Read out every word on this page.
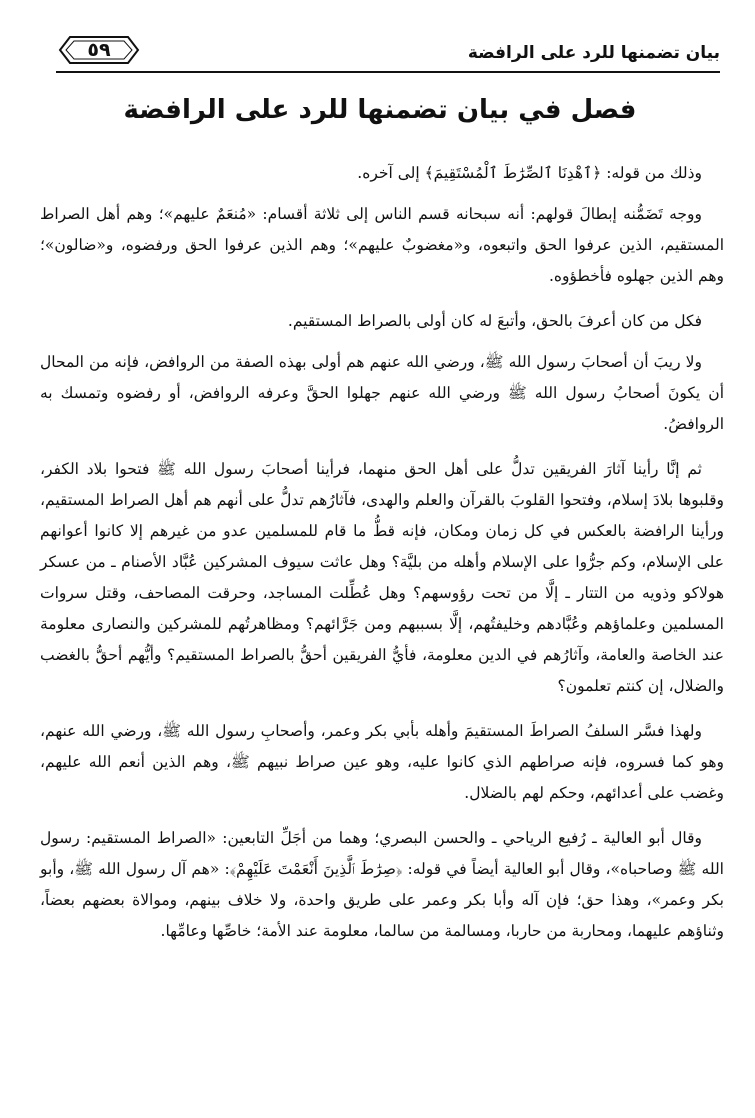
٥٩	بيان تضمنها للرد على الرافضة
فصل في بيان تضمنها للرد على الرافضة

وذلك من قوله: ﴿ٱهْدِنَا ٱلصِّرَٰطَ ٱلْمُسْتَقِيمَ﴾ إلى آخره.

ووجه تَضَمُّنه إبطالَ قولهم: أنه سبحانه قسم الناس إلى ثلاثة أقسام: «مُنعَمٌ عليهم»؛ وهم أهل الصراط المستقيم، الذين عرفوا الحق واتبعوه، و«مغضوبٌ عليهم»؛ وهم الذين عرفوا الحق ورفضوه، و«ضالون»؛ وهم الذين جهلوه فأخطؤوه.

فكل من كان أعرفَ بالحق، وأتبعَ له كان أولى بالصراط المستقيم.

ولا ريبَ أن أصحابَ رسول الله ﷺ، ورضي الله عنهم هم أولى بهذه الصفة من الروافض، فإنه من المحال أن يكونَ أصحابُ رسول الله ﷺ ورضي الله عنهم جهلوا الحقَّ وعرفه الروافض، أو رفضوه وتمسك به الروافضُ.

ثم إنَّا رأينا آثارَ الفريقين تدلُّ على أهل الحق منهما، فرأينا أصحابَ رسول الله ﷺ فتحوا بلاد الكفر، وقلبوها بلادَ إسلام، وفتحوا القلوبَ بالقرآن والعلم والهدى، فآثارُهم تدلُّ على أنهم هم أهل الصراط المستقيم، ورأينا الرافضة بالعكس في كل زمان ومكان، فإنه قطُّ ما قام للمسلمين عدو من غيرهم إلا كانوا أعوانهم على الإسلام، وكم جرُّوا على الإسلام وأهله من بليَّة؟ وهل عاثت سيوف المشركين عُبَّاد الأصنام ـ من عسكر هولاكو وذويه من التتار ـ إلَّا من تحت رؤوسهم؟ وهل عُطِّلت المساجد، وحرقت المصاحف، وقتل سروات المسلمين وعلماؤهم وعُبَّادهم وخليفتُهم، إلَّا بسببهم ومن جَرَّائهم؟ ومظاهرتُهم للمشركين والنصارى معلومة عند الخاصة والعامة، وآثارُهم في الدين معلومة، فأيُّ الفريقين أحقُّ بالصراط المستقيم؟ وأيُّهم أحقُّ بالغضب والضلال، إن كنتم تعلمون؟

ولهذا فسَّر السلفُ الصراطَ المستقيمَ وأهله بأبي بكر وعمر، وأصحابِ رسول الله ﷺ، ورضي الله عنهم، وهو كما فسروه، فإنه صراطهم الذي كانوا عليه، وهو عين صراط نبيهم ﷺ، وهم الذين أنعم الله عليهم، وغضب على أعدائهم، وحكم لهم بالضلال.

وقال أبو العالية ـ رُفيع الرياحي ـ والحسن البصري؛ وهما من أجَلِّ التابعين: «الصراط المستقيم: رسول الله ﷺ وصاحباه»، وقال أبو العالية أيضاً في قوله: ﴿صِرَٰطَ ٱلَّذِينَ أَنْعَمْتَ عَلَيْهِمْ﴾: «هم آل رسول الله ﷺ، وأبو بكر وعمر»، وهذا حق؛ فإن آله وأبا بكر وعمر على طريق واحدة، ولا خلاف بينهم، وموالاة بعضهم بعضاً، وثناؤهم عليهما، ومحاربة من حاربا، ومسالمة من سالما، معلومة عند الأمة؛ خاصِّها وعامِّها.
